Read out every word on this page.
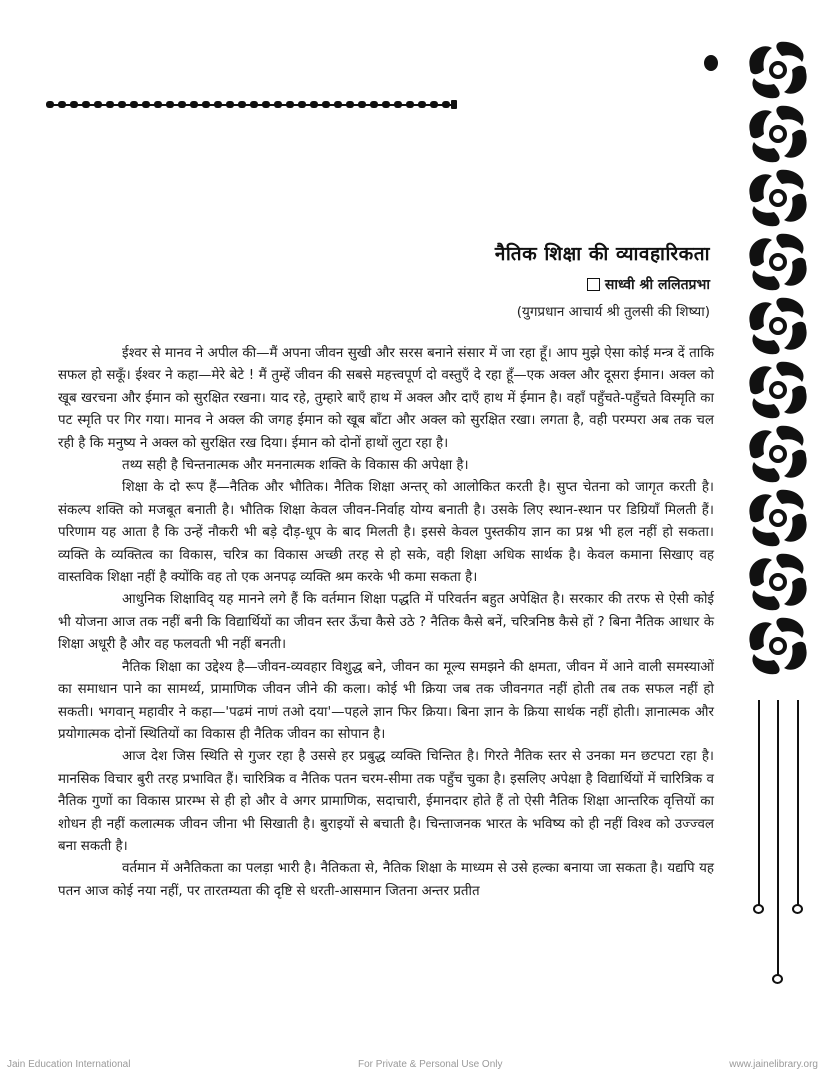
नैतिक शिक्षा की व्यावहारिकता
साध्वी श्री ललितप्रभा
(युगप्रधान आचार्य श्री तुलसी की शिष्या)

ईश्वर से मानव ने अपील की—मैं अपना जीवन सुखी और सरस बनाने संसार में जा रहा हूँ। आप मुझे ऐसा कोई मन्त्र दें ताकि सफल हो सकूँ। ईश्वर ने कहा—मेरे बेटे ! मैं तुम्हें जीवन की सबसे महत्त्वपूर्ण दो वस्तुएँ दे रहा हूँ—एक अक्ल और दूसरा ईमान। अक्ल को खूब खरचना और ईमान को सुरक्षित रखना। याद रहे, तुम्हारे बाएँ हाथ में अक्ल और दाएँ हाथ में ईमान है। वहाँ पहुँचते-पहुँचते विस्मृति का पट स्मृति पर गिर गया। मानव ने अक्ल की जगह ईमान को खूब बाँटा और अक्ल को सुरक्षित रखा। लगता है, वही परम्परा अब तक चल रही है कि मनुष्य ने अक्ल को सुरक्षित रख दिया। ईमान को दोनों हाथों लुटा रहा है।

तथ्य सही है चिन्तनात्मक और मननात्मक शक्ति के विकास की अपेक्षा है।

शिक्षा के दो रूप हैं—नैतिक और भौतिक। नैतिक शिक्षा अन्तर् को आलोकित करती है। सुप्त चेतना को जागृत करती है। संकल्प शक्ति को मजबूत बनाती है। भौतिक शिक्षा केवल जीवन-निर्वाह योग्य बनाती है। उसके लिए स्थान-स्थान पर डिग्रियाँ मिलती हैं। परिणाम यह आता है कि उन्हें नौकरी भी बड़े दौड़-धूप के बाद मिलती है। इससे केवल पुस्तकीय ज्ञान का प्रश्न भी हल नहीं हो सकता। व्यक्ति के व्यक्तित्व का विकास, चरित्र का विकास अच्छी तरह से हो सके, वही शिक्षा अधिक सार्थक है। केवल कमाना सिखाए वह वास्तविक शिक्षा नहीं है क्योंकि वह तो एक अनपढ़ व्यक्ति श्रम करके भी कमा सकता है।

आधुनिक शिक्षाविद् यह मानने लगे हैं कि वर्तमान शिक्षा पद्धति में परिवर्तन बहुत अपेक्षित है। सरकार की तरफ से ऐसी कोई भी योजना आज तक नहीं बनी कि विद्यार्थियों का जीवन स्तर ऊँचा कैसे उठे ? नैतिक कैसे बनें, चरित्रनिष्ठ कैसे हों ? बिना नैतिक आधार के शिक्षा अधूरी है और वह फलवती भी नहीं बनती।

नैतिक शिक्षा का उद्देश्य है—जीवन-व्यवहार विशुद्ध बने, जीवन का मूल्य समझने की क्षमता, जीवन में आने वाली समस्याओं का समाधान पाने का सामर्थ्य, प्रामाणिक जीवन जीने की कला। कोई भी क्रिया जब तक जीवनगत नहीं होती तब तक सफल नहीं हो सकती। भगवान् महावीर ने कहा—'पढमं नाणं तओ दया'—पहले ज्ञान फिर क्रिया। बिना ज्ञान के क्रिया सार्थक नहीं होती। ज्ञानात्मक और प्रयोगात्मक दोनों स्थितियों का विकास ही नैतिक जीवन का सोपान है।

आज देश जिस स्थिति से गुजर रहा है उससे हर प्रबुद्ध व्यक्ति चिन्तित है। गिरते नैतिक स्तर से उनका मन छटपटा रहा है। मानसिक विचार बुरी तरह प्रभावित हैं। चारित्रिक व नैतिक पतन चरम-सीमा तक पहुँच चुका है। इसलिए अपेक्षा है विद्यार्थियों में चारित्रिक व नैतिक गुणों का विकास प्रारम्भ से ही हो और वे अगर प्रामाणिक, सदाचारी, ईमानदार होते हैं तो ऐसी नैतिक शिक्षा आन्तरिक वृत्तियों का शोधन ही नहीं कलात्मक जीवन जीना भी सिखाती है। बुराइयों से बचाती है। चिन्ताजनक भारत के भविष्य को ही नहीं विश्व को उज्ज्वल बना सकती है।

वर्तमान में अनैतिकता का पलड़ा भारी है। नैतिकता से, नैतिक शिक्षा के माध्यम से उसे हल्का बनाया जा सकता है। यद्यपि यह पतन आज कोई नया नहीं, पर तारतम्यता की दृष्टि से धरती-आसमान जितना अन्तर प्रतीत

Jain Education International	For Private & Personal Use Only	www.jainelibrary.org
